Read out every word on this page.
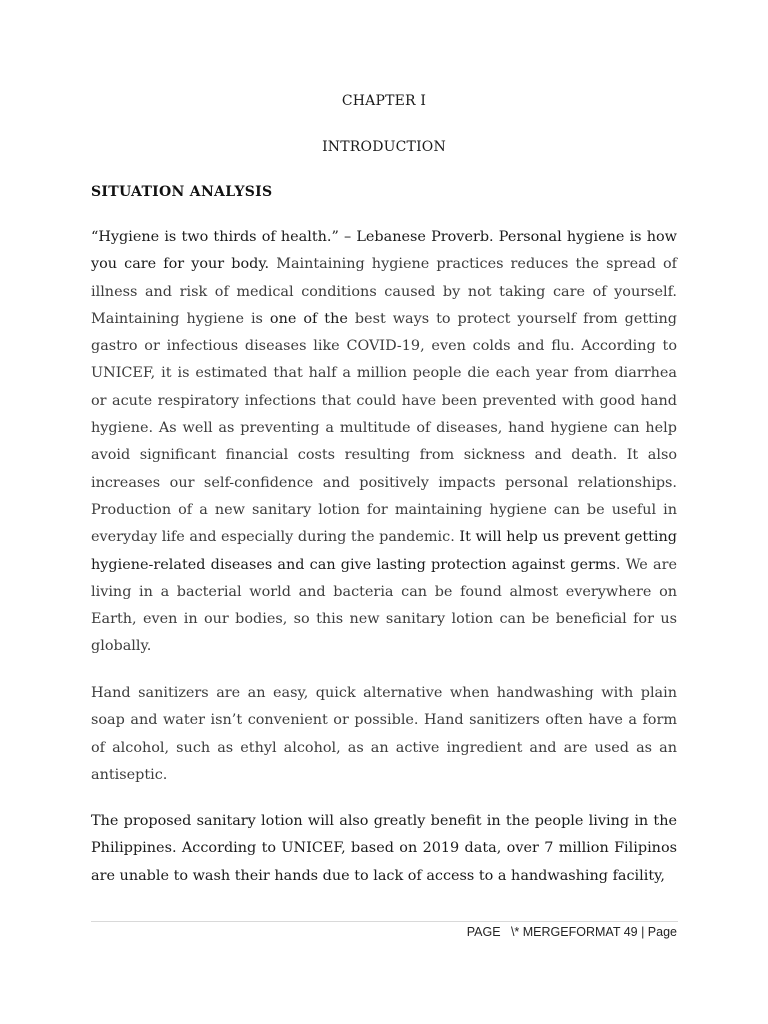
CHAPTER I
INTRODUCTION
SITUATION ANALYSIS

“Hygiene is two thirds of health.” – Lebanese Proverb. Personal hygiene is how you care for your body. Maintaining hygiene practices reduces the spread of illness and risk of medical conditions caused by not taking care of yourself. Maintaining hygiene is one of the best ways to protect yourself from getting gastro or infectious diseases like COVID-19, even colds and flu. According to UNICEF, it is estimated that half a million people die each year from diarrhea or acute respiratory infections that could have been prevented with good hand hygiene. As well as preventing a multitude of diseases, hand hygiene can help avoid significant financial costs resulting from sickness and death. It also increases our self-confidence and positively impacts personal relationships. Production of a new sanitary lotion for maintaining hygiene can be useful in everyday life and especially during the pandemic. It will help us prevent getting hygiene-related diseases and can give lasting protection against germs. We are living in a bacterial world and bacteria can be found almost everywhere on Earth, even in our bodies, so this new sanitary lotion can be beneficial for us globally.

Hand sanitizers are an easy, quick alternative when handwashing with plain soap and water isn’t convenient or possible. Hand sanitizers often have a form of alcohol, such as ethyl alcohol, as an active ingredient and are used as an antiseptic.

The proposed sanitary lotion will also greatly benefit in the people living in the Philippines. According to UNICEF, based on 2019 data, over 7 million Filipinos are unable to wash their hands due to lack of access to a handwashing facility,

PAGE   \* MERGEFORMAT 49 | Page
